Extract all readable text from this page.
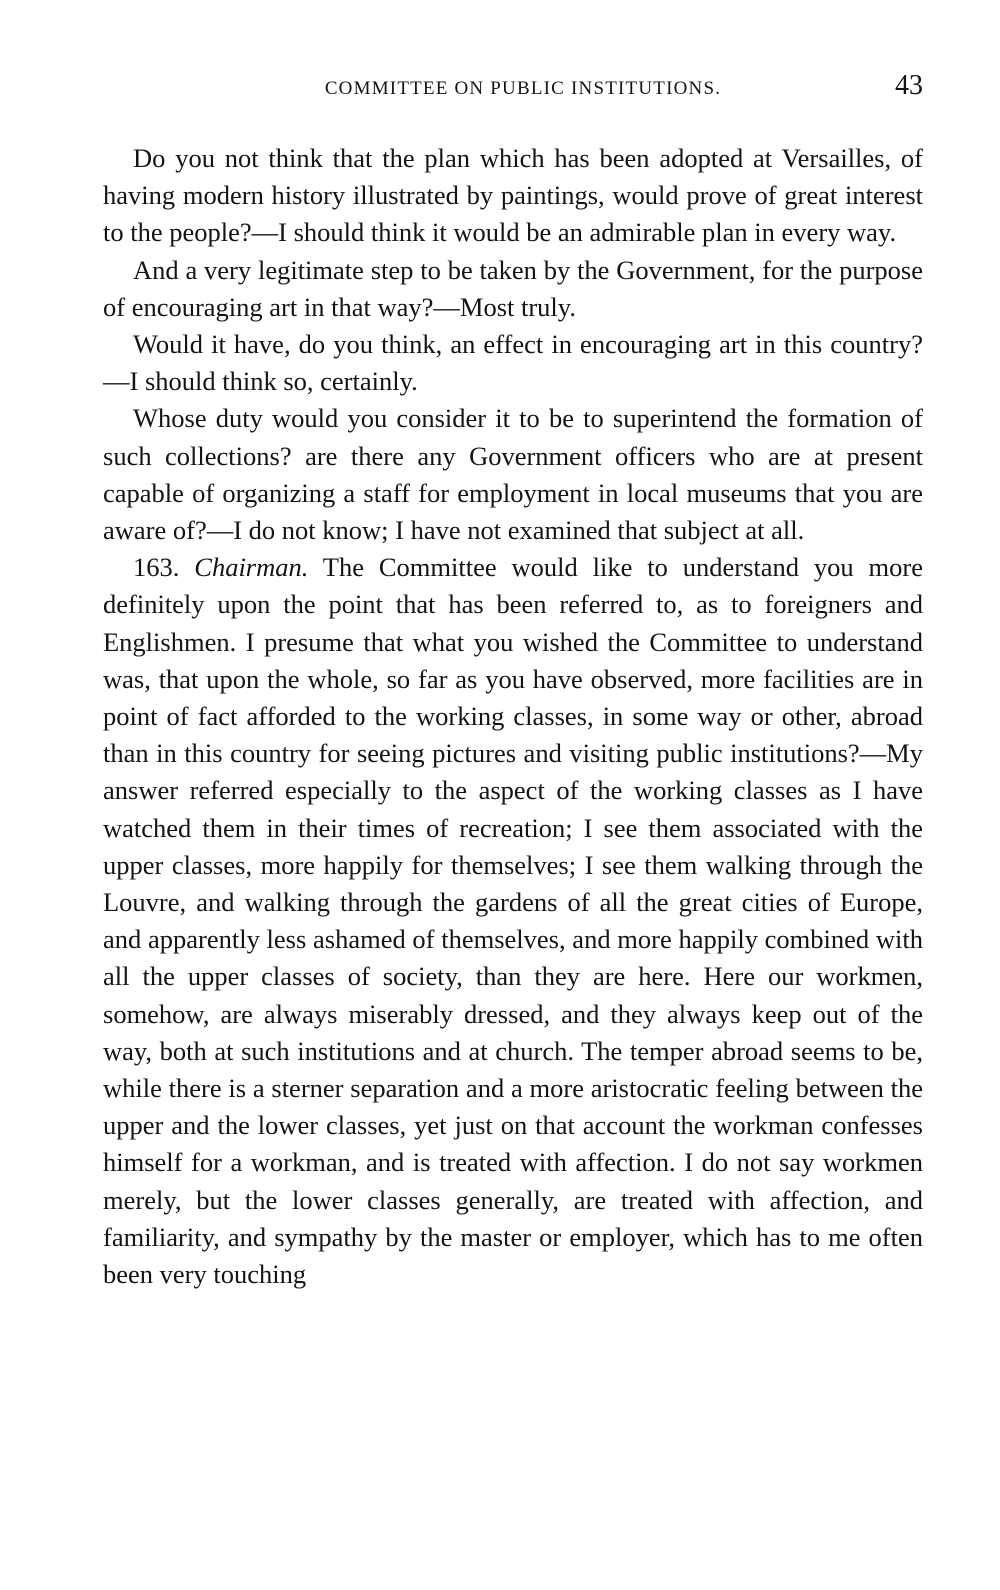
COMMITTEE ON PUBLIC INSTITUTIONS.	43

Do you not think that the plan which has been adopted at Versailles, of having modern history illustrated by paintings, would prove of great interest to the people?—I should think it would be an admirable plan in every way.

And a very legitimate step to be taken by the Government, for the purpose of encouraging art in that way?—Most truly.

Would it have, do you think, an effect in encouraging art in this country?—I should think so, certainly.

Whose duty would you consider it to be to superintend the formation of such collections? are there any Government officers who are at present capable of organizing a staff for employment in local museums that you are aware of?—I do not know; I have not examined that subject at all.

163. Chairman. The Committee would like to understand you more definitely upon the point that has been referred to, as to foreigners and Englishmen. I presume that what you wished the Committee to understand was, that upon the whole, so far as you have observed, more facilities are in point of fact afforded to the working classes, in some way or other, abroad than in this country for seeing pictures and visiting public institutions?—My answer referred especially to the aspect of the working classes as I have watched them in their times of recreation; I see them associated with the upper classes, more happily for themselves; I see them walking through the Louvre, and walking through the gardens of all the great cities of Europe, and apparently less ashamed of themselves, and more happily combined with all the upper classes of society, than they are here. Here our workmen, somehow, are always miserably dressed, and they always keep out of the way, both at such institutions and at church. The temper abroad seems to be, while there is a sterner separation and a more aristocratic feeling between the upper and the lower classes, yet just on that account the workman confesses himself for a workman, and is treated with affection. I do not say workmen merely, but the lower classes generally, are treated with affection, and familiarity, and sympathy by the master or employer, which has to me often been very touching
